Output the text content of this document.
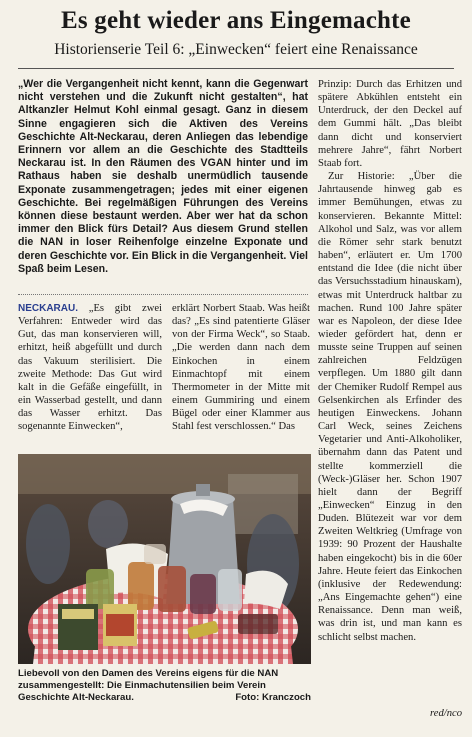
Es geht wieder ans Eingemachte
Historienserie Teil 6: „Einwecken“ feiert eine Renaissance
„Wer die Vergangenheit nicht kennt, kann die Gegenwart nicht verstehen und die Zukunft nicht gestalten“, hat Altkanzler Helmut Kohl einmal gesagt. Ganz in diesem Sinne engagieren sich die Aktiven des Vereins Geschichte Alt-Neckarau, deren Anliegen das lebendige Erinnern vor allem an die Geschichte des Stadtteils Neckarau ist. In den Räumen des VGAN hinter und im Rathaus haben sie deshalb unermüdlich tausende Exponate zusammengetragen; jedes mit einer eigenen Geschichte. Bei regelmäßigen Führungen des Vereins können diese bestaunt werden. Aber wer hat da schon immer den Blick fürs Detail? Aus diesem Grund stellen die NAN in loser Reihenfolge einzelne Exponate und deren Geschichte vor. Ein Blick in die Vergangenheit. Viel Spaß beim Lesen.
NECKARAU. „Es gibt zwei Verfahren: Entweder wird das Gut, das man konservieren will, erhitzt, heiß abgefüllt und durch das Vakuum sterilisiert. Die zweite Methode: Das Gut wird kalt in die Gefäße eingefüllt, in ein Wasserbad gestellt, und dann das Wasser erhitzt. Das sogenannte Einwecken“,
erklärt Norbert Staab. Was heißt das? „Es sind patentierte Gläser von der Firma Weck“, so Staab. „Die werden dann nach dem Einkochen in einem Einmachtopf mit einem Thermometer in der Mitte mit einem Gummiring und einem Bügel oder einer Klammer aus Stahl fest verschlossen.“ Das

Prinzip: Durch das Erhitzen und spätere Abkühlen entsteht ein Unterdruck, der den Deckel auf dem Gummi hält. „Das bleibt dann dicht und konserviert mehrere Jahre“, fährt Norbert Staab fort.

Zur Historie: „Über die Jahrtausende hinweg gab es immer Bemühungen, etwas zu konservieren. Bekannte Mittel: Alkohol und Salz, was vor allem die Römer sehr stark benutzt haben“, erläutert er. Um 1700 entstand die Idee (die nicht über das Versuchsstadium hinauskam), etwas mit Unterdruck haltbar zu machen. Rund 100 Jahre später war es Napoleon, der diese Idee wieder gefördert hat, denn er musste seine Truppen auf seinen zahlreichen Feldzügen verpflegen. Um 1880 gilt dann der Chemiker Rudolf Rempel aus Gelsenkirchen als Erfinder des heutigen Einweckens. Johann Carl Weck, seines Zeichens Vegetarier und Anti-Alkoholiker, übernahm dann das Patent und stellte kommerziell die (Weck-)Gläser her. Schon 1907 hielt dann der Begriff „Einwecken“ Einzug in den Duden. Blütezeit war vor dem Zweiten Weltkrieg (Umfrage von 1939: 90 Prozent der Haushalte haben eingekocht) bis in die 60er Jahre. Heute feiert das Einkochen (inklusive der Redewendung: „Ans Eingemachte gehen“) eine Renaissance. Denn man weiß, was drin ist, und man kann es schlicht selbst machen.

Liebevoll von den Damen des Vereins eigens für die NAN zusammengestellt: Die Einmachutensilien beim Verein Geschichte Alt-Neckarau.	Foto: Kranczoch
red/nco
